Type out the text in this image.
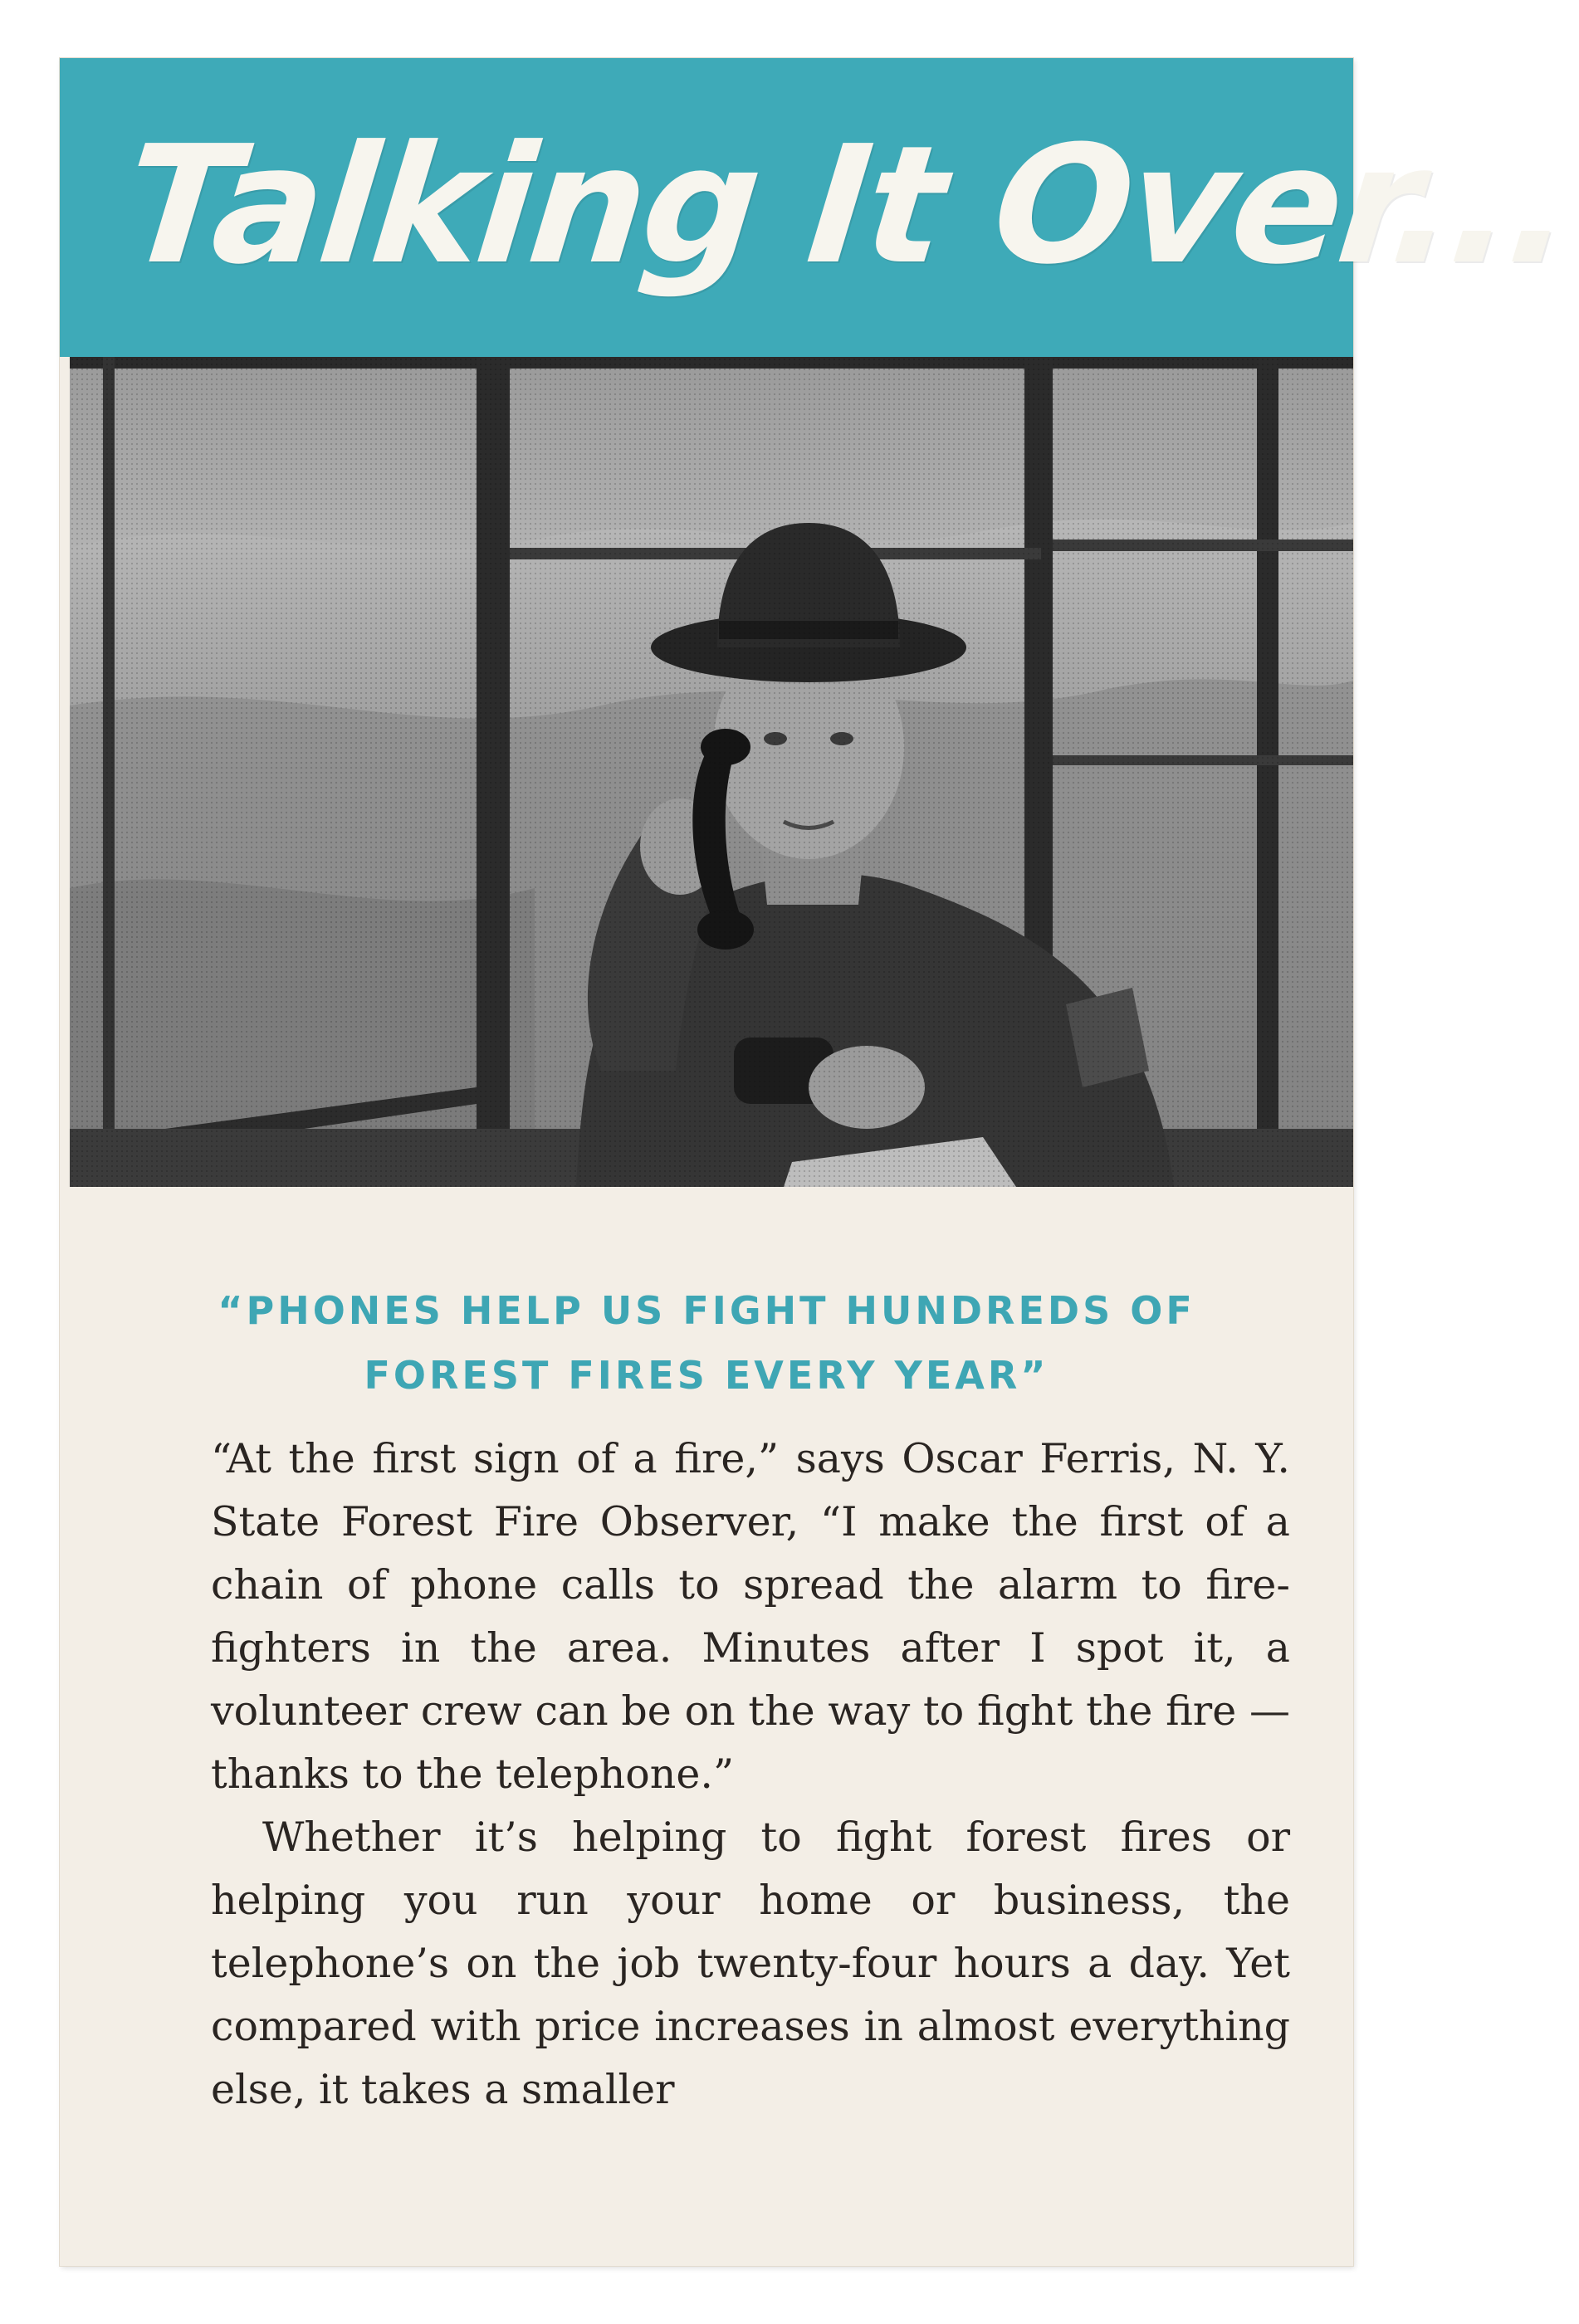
Talking It Over...
“PHONES HELP US FIGHT HUNDREDS OF
FOREST FIRES EVERY YEAR”

“At the first sign of a fire,” says Oscar Ferris, N. Y. State Forest Fire Observer, “I make the first of a chain of phone calls to spread the alarm to fire-fighters in the area. Minutes after I spot it, a volunteer crew can be on the way to fight the fire — thanks to the telephone.”

Whether it’s helping to fight forest fires or helping you run your home or business, the telephone’s on the job twenty-four hours a day. Yet compared with price increases in almost everything else, it takes a smaller
